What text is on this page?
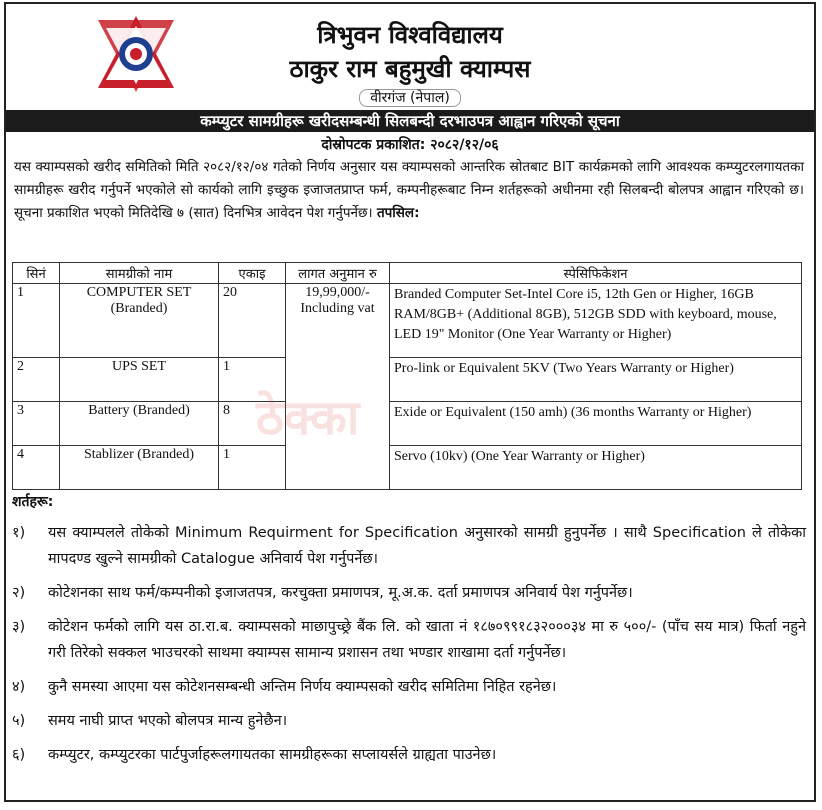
त्रिभुवन विश्वविद्यालय
ठाकुर राम बहुमुखी क्याम्पस
वीरगंज (नेपाल)
कम्प्युटर सामग्रीहरू खरीदसम्बन्धी सिलबन्दी दरभाउपत्र आह्वान गरिएको सूचना
दोस्रोपटक प्रकाशित: २०८२/१२/०६
यस क्याम्पसको खरीद समितिको मिति २०८२/१२/०४ गतेको निर्णय अनुसार यस क्याम्पसको आन्तरिक स्रोतबाट BIT कार्यक्रमको लागि आवश्यक कम्प्युटरलगायतका सामग्रीहरू खरीद गर्नुपर्ने भएकोले सो कार्यको लागि इच्छुक इजाजतप्राप्त फर्म, कम्पनीहरूबाट निम्न शर्तहरूको अधीनमा रही सिलबन्दी बोलपत्र आह्वान गरिएको छ। सूचना प्रकाशित भएको मितिदेखि ७ (सात) दिनभित्र आवेदन पेश गर्नुपर्नेछ। तपसिल:
सिनं	सामग्रीको नाम	एकाइ	लागत अनुमान रु	स्पेसिफिकेशन
1	COMPUTER SET (Branded)	20	19,99,000/- Including vat	Branded Computer Set-Intel Core i5, 12th Gen or Higher, 16GB RAM/8GB+ (Additional 8GB), 512GB SDD with keyboard, mouse, LED 19" Monitor (One Year Warranty or Higher)
2	UPS SET	1		Pro-link or Equivalent 5KV (Two Years Warranty or Higher)
3	Battery (Branded)	8		Exide or Equivalent (150 amh) (36 months Warranty or Higher)
4	Stablizer (Branded)	1		Servo (10kv) (One Year Warranty or Higher)
ठेक्का
शर्तहरू:
१)	यस क्याम्पलले तोकेको Minimum Requirment for Specification अनुसारको सामग्री हुनुपर्नेछ । साथै Specification ले तोकेका मापदण्ड खुल्ने सामग्रीको Catalogue अनिवार्य पेश गर्नुपर्नेछ।
२)	कोटेशनका साथ फर्म/कम्पनीको इजाजतपत्र, करचुक्ता प्रमाणपत्र, मू.अ.क. दर्ता प्रमाणपत्र अनिवार्य पेश गर्नुपर्नेछ।
३)	कोटेशन फर्मको लागि यस ठा.रा.ब. क्याम्पसको माछापुच्छ्रे बैंक लि. को खाता नं १८७०९९१८३२०००३४ मा रु ५००/- (पाँच सय मात्र) फिर्ता नहुने गरी तिरेको सक्कल भाउचरको साथमा क्याम्पस सामान्य प्रशासन तथा भण्डार शाखामा दर्ता गर्नुपर्नेछ।
४)	कुनै समस्या आएमा यस कोटेशनसम्बन्धी अन्तिम निर्णय क्याम्पसको खरीद समितिमा निहित रहनेछ।
५)	समय नाघी प्राप्त भएको बोलपत्र मान्य हुनेछैन।
६)	कम्प्युटर, कम्प्युटरका पार्टपुर्जाहरूलगायतका सामग्रीहरूका सप्लायर्सले ग्राह्यता पाउनेछ।
